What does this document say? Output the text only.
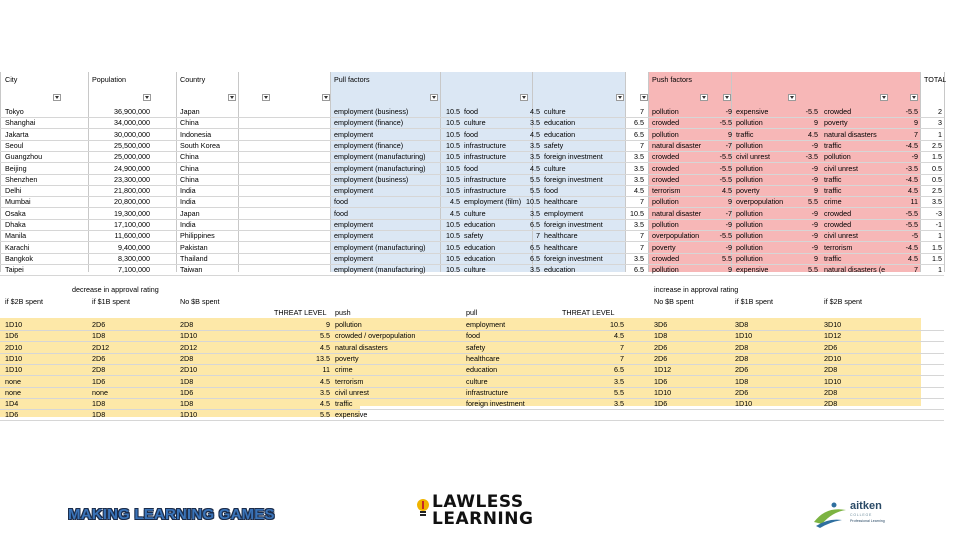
MAKING LEARNING GAMES
LAWLESS
LEARNING
aitken
COLLEGE
Professional Learning
City	Population	Country	Pull factors	Push factors	TOTAL
Tokyo	36,900,000	Japan	employment (business)	10.5 food	4.5 culture	7 pollution	-9 expensive	-5.5 crowded	-5.5	2
Shanghai	34,000,000	China	employment (finance)	10.5 culture	3.5 education	6.5 crowded	-5.5 pollution	9 poverty	9	3
Jakarta	30,000,000	Indonesia	employment	10.5 food	4.5 education	6.5 pollution	9 traffic	4.5 natural disasters	7	1
Seoul	25,500,000	South Korea	employment (finance)	10.5 infrastructure	3.5 safety	7 natural disaster	-7 pollution	-9 traffic	-4.5	2.5
Guangzhou	25,000,000	China	employment (manufacturing)	10.5 infrastructure	3.5 foreign investment	3.5 crowded	-5.5 civil unrest	-3.5 pollution	-9	1.5
Beijing	24,900,000	China	employment (manufacturing)	10.5 food	4.5 culture	3.5 crowded	-5.5 pollution	-9 civil unrest	-3.5	0.5
Shenzhen	23,300,000	China	employment (business)	10.5 infrastructure	5.5 foreign investment	3.5 crowded	-5.5 pollution	-9 traffic	-4.5	0.5
Delhi	21,800,000	India	employment	10.5 infrastructure	5.5 food	4.5 terrorism	4.5 poverty	9 traffic	4.5	2.5
Mumbai	20,800,000	India	food	4.5 employment (film) 10.5 healthcare	7 pollution	9 overpopulation	5.5 crime	11	3.5
Osaka	19,300,000	Japan	food	4.5 culture	3.5 employment	10.5 natural disaster	-7 pollution	-9 crowded	-5.5	-3
Dhaka	17,100,000	India	employment	10.5 education	6.5 foreign investment	3.5 pollution	-9 pollution	-9 crowded	-5.5	-1
Manila	11,600,000	Philippines	employment	10.5 safety	7 healthcare	7 overpopulation	-5.5 pollution	-9 civil unrest	-5	1
Karachi	9,400,000	Pakistan	employment (manufacturing)	10.5 education	6.5 healthcare	7 poverty	-9 pollution	-9 terrorism	-4.5	1.5
Bangkok	8,300,000	Thailand	employment	10.5 education	6.5 foreign investment	3.5 crowded	5.5 pollution	9 traffic	4.5	1.5
Taipei	7,100,000	Taiwan	employment (manufacturing)	10.5 culture	3.5 education	6.5 pollution	9 expensive	5.5 natural disasters (e	7	1
decrease in approval rating	increase in approval rating
if $2B spent	if $1B spent	No $B spent	No $B spent	if $1B spent	if $2B spent
THREAT LEVEL	push	pull	THREAT LEVEL
1D10	2D6	2D8	9 pollution	employment	10.5	3D6	3D8	3D10
1D6	1D8	1D10	5.5 crowded / overpopulation	food	4.5	1D8	1D10	1D12
2D10	2D12	2D12	4.5 natural disasters	safety	7	2D6	2D8	2D6
1D10	2D6	2D8	13.5 poverty	healthcare	7	2D6	2D8	2D10
1D10	2D8	2D10	11 crime	education	6.5	1D12	2D6	2D8
none	1D6	1D8	4.5 terrorism	culture	3.5	1D6	1D8	1D10
none	none	1D6	3.5 civil unrest	infrastructure	5.5	1D10	2D6	2D8
1D4	1D8	1D8	4.5 traffic	foreign investment	3.5	1D6	1D10	2D8
1D6	1D8	1D10	5.5 expensive
